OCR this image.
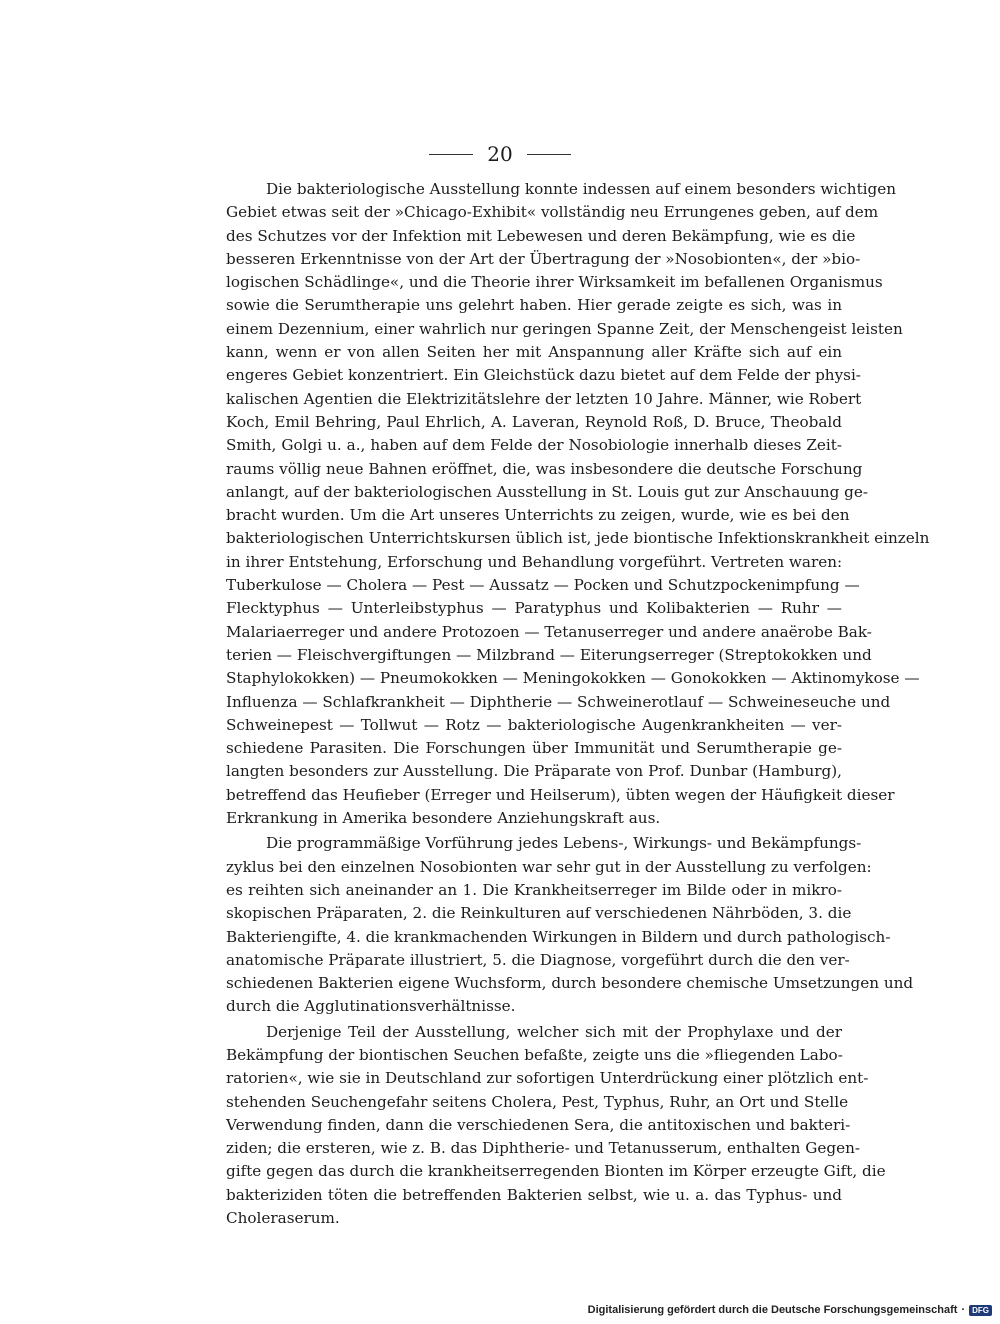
20
Die bakteriologische Ausstellung konnte indessen auf einem besonders wichtigen
Gebiet etwas seit der »Chicago-Exhibit« vollständig neu Errungenes geben, auf dem
des Schutzes vor der Infektion mit Lebewesen und deren Bekämpfung, wie es die
besseren Erkenntnisse von der Art der Übertragung der »Nosobionten«, der »bio-
logischen Schädlinge«, und die Theorie ihrer Wirksamkeit im befallenen Organismus
sowie die Serumtherapie uns gelehrt haben. Hier gerade zeigte es sich, was in
einem Dezennium, einer wahrlich nur geringen Spanne Zeit, der Menschengeist leisten
kann, wenn er von allen Seiten her mit Anspannung aller Kräfte sich auf ein
engeres Gebiet konzentriert. Ein Gleichstück dazu bietet auf dem Felde der physi-
kalischen Agentien die Elektrizitätslehre der letzten 10 Jahre. Männer, wie Robert
Koch, Emil Behring, Paul Ehrlich, A. Laveran, Reynold Roß, D. Bruce, Theobald
Smith, Golgi u. a., haben auf dem Felde der Nosobiologie innerhalb dieses Zeit-
raums völlig neue Bahnen eröffnet, die, was insbesondere die deutsche Forschung
anlangt, auf der bakteriologischen Ausstellung in St. Louis gut zur Anschauung ge-
bracht wurden. Um die Art unseres Unterrichts zu zeigen, wurde, wie es bei den
bakteriologischen Unterrichtskursen üblich ist, jede biontische Infektionskrankheit einzeln
in ihrer Entstehung, Erforschung und Behandlung vorgeführt. Vertreten waren:
Tuberkulose — Cholera — Pest — Aussatz — Pocken und Schutzpockenimpfung —
Flecktyphus — Unterleibstyphus — Paratyphus und Kolibakterien — Ruhr —
Malariaerreger und andere Protozoen — Tetanuserreger und andere anaërobe Bak-
terien — Fleischvergiftungen — Milzbrand — Eiterungserreger (Streptokokken und
Staphylokokken) — Pneumokokken — Meningokokken — Gonokokken — Aktinomykose —
Influenza — Schlafkrankheit — Diphtherie — Schweinerotlauf — Schweineseuche und
Schweinepest — Tollwut — Rotz — bakteriologische Augenkrankheiten — ver-
schiedene Parasiten. Die Forschungen über Immunität und Serumtherapie ge-
langten besonders zur Ausstellung. Die Präparate von Prof. Dunbar (Hamburg),
betreffend das Heufieber (Erreger und Heilserum), übten wegen der Häufigkeit dieser
Erkrankung in Amerika besondere Anziehungskraft aus.
Die programmäßige Vorführung jedes Lebens-, Wirkungs- und Bekämpfungs-
zyklus bei den einzelnen Nosobionten war sehr gut in der Ausstellung zu verfolgen:
es reihten sich aneinander an 1. Die Krankheitserreger im Bilde oder in mikro-
skopischen Präparaten, 2. die Reinkulturen auf verschiedenen Nährböden, 3. die
Bakteriengifte, 4. die krankmachenden Wirkungen in Bildern und durch pathologisch-
anatomische Präparate illustriert, 5. die Diagnose, vorgeführt durch die den ver-
schiedenen Bakterien eigene Wuchsform, durch besondere chemische Umsetzungen und
durch die Agglutinationsverhältnisse.
Derjenige Teil der Ausstellung, welcher sich mit der Prophylaxe und der
Bekämpfung der biontischen Seuchen befaßte, zeigte uns die »fliegenden Labo-
ratorien«, wie sie in Deutschland zur sofortigen Unterdrückung einer plötzlich ent-
stehenden Seuchengefahr seitens Cholera, Pest, Typhus, Ruhr, an Ort und Stelle
Verwendung finden, dann die verschiedenen Sera, die antitoxischen und bakteri-
ziden; die ersteren, wie z. B. das Diphtherie- und Tetanusserum, enthalten Gegen-
gifte gegen das durch die krankheitserregenden Bionten im Körper erzeugte Gift, die
bakteriziden töten die betreffenden Bakterien selbst, wie u. a. das Typhus- und
Choleraserum.
Digitalisierung gefördert durch die Deutsche Forschungsgemeinschaft · DFG
